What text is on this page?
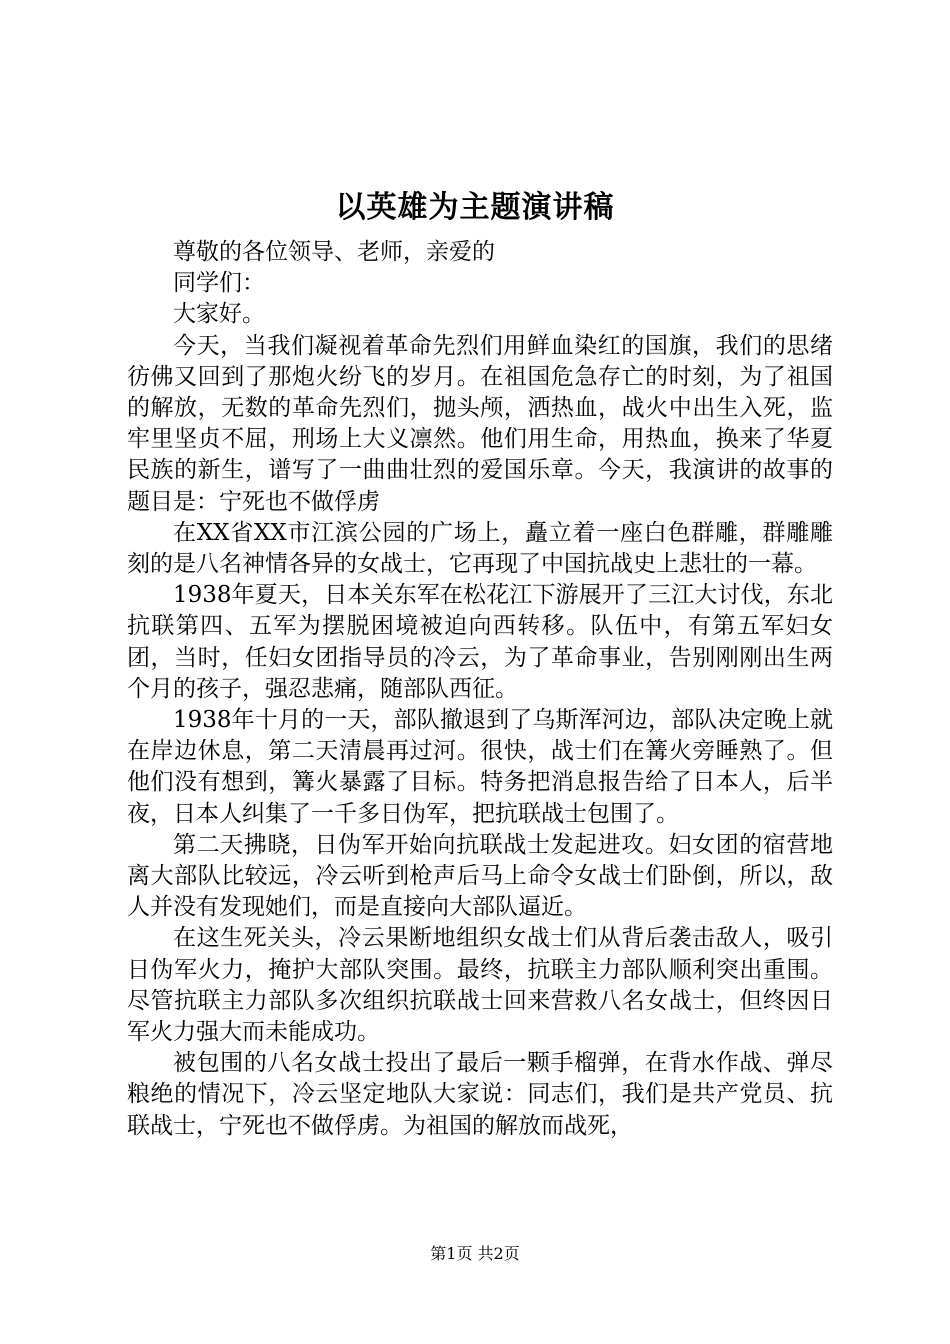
以英雄为主题演讲稿

尊敬的各位领导、老师，亲爱的

同学们：

大家好。

今天，当我们凝视着革命先烈们用鲜血染红的国旗，我们的思绪彷佛又回到了那炮火纷飞的岁月。在祖国危急存亡的时刻，为了祖国的解放，无数的革命先烈们，抛头颅，洒热血，战火中出生入死，监牢里坚贞不屈，刑场上大义凛然。他们用生命，用热血，换来了华夏民族的新生，谱写了一曲曲壮烈的爱国乐章。今天，我演讲的故事的题目是：宁死也不做俘虏

在XX省XX市江滨公园的广场上，矗立着一座白色群雕，群雕雕刻的是八名神情各异的女战士，它再现了中国抗战史上悲壮的一幕。

1938年夏天，日本关东军在松花江下游展开了三江大讨伐，东北抗联第四、五军为摆脱困境被迫向西转移。队伍中，有第五军妇女团，当时，任妇女团指导员的冷云，为了革命事业，告别刚刚出生两个月的孩子，强忍悲痛，随部队西征。

1938年十月的一天，部队撤退到了乌斯浑河边，部队决定晚上就在岸边休息，第二天清晨再过河。很快，战士们在篝火旁睡熟了。但他们没有想到，篝火暴露了目标。特务把消息报告给了日本人，后半夜，日本人纠集了一千多日伪军，把抗联战士包围了。

第二天拂晓，日伪军开始向抗联战士发起进攻。妇女团的宿营地离大部队比较远，冷云听到枪声后马上命令女战士们卧倒，所以，敌人并没有发现她们，而是直接向大部队逼近。

在这生死关头，冷云果断地组织女战士们从背后袭击敌人，吸引日伪军火力，掩护大部队突围。最终，抗联主力部队顺利突出重围。尽管抗联主力部队多次组织抗联战士回来营救八名女战士，但终因日军火力强大而未能成功。

被包围的八名女战士投出了最后一颗手榴弹，在背水作战、弹尽粮绝的情况下，冷云坚定地队大家说：同志们，我们是共产党员、抗联战士，宁死也不做俘虏。为祖国的解放而战死，

第1页 共2页
